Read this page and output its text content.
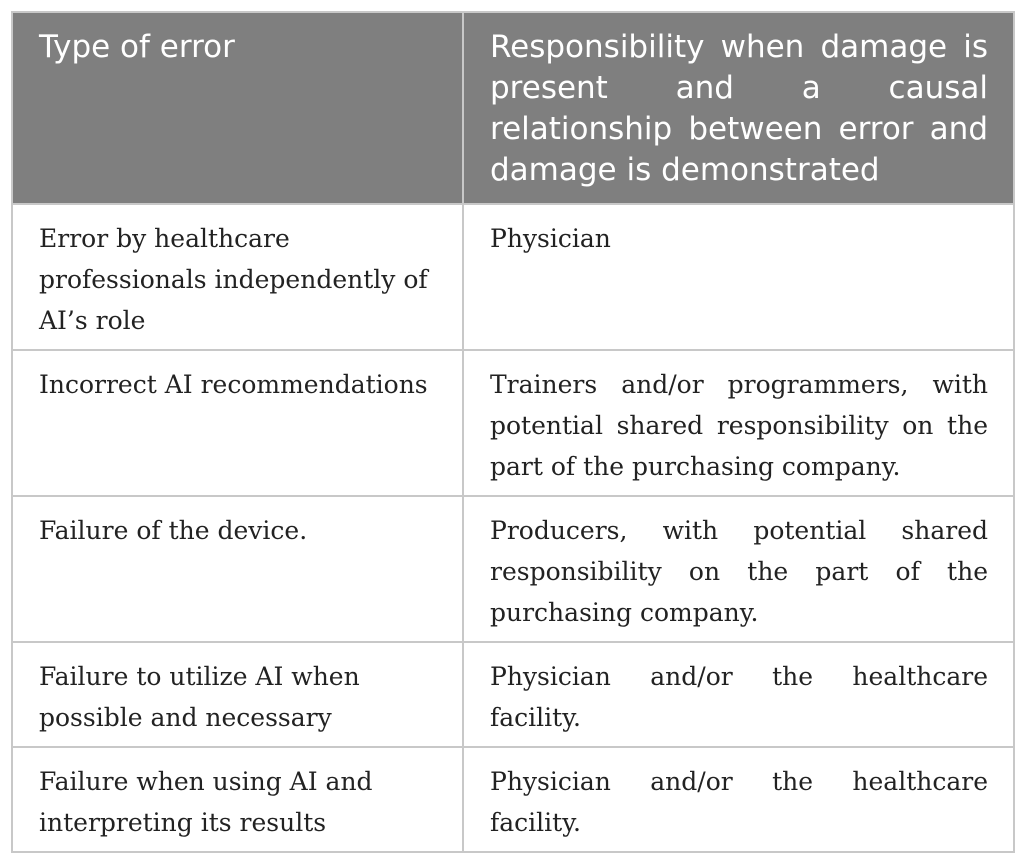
Type of error	Responsibility when damage is present and a causal relationship between error and damage is demonstrated
Error by healthcare professionals independently of AI’s role	Physician
Incorrect AI recommendations	Trainers and/or programmers, with potential shared responsibility on the part of the purchasing company.
Failure of the device.	Producers, with potential shared responsibility on the part of the purchasing company.
Failure to utilize AI when possible and necessary	Physician and/or the healthcare facility.
Failure when using AI and interpreting its results	Physician and/or the healthcare facility.
